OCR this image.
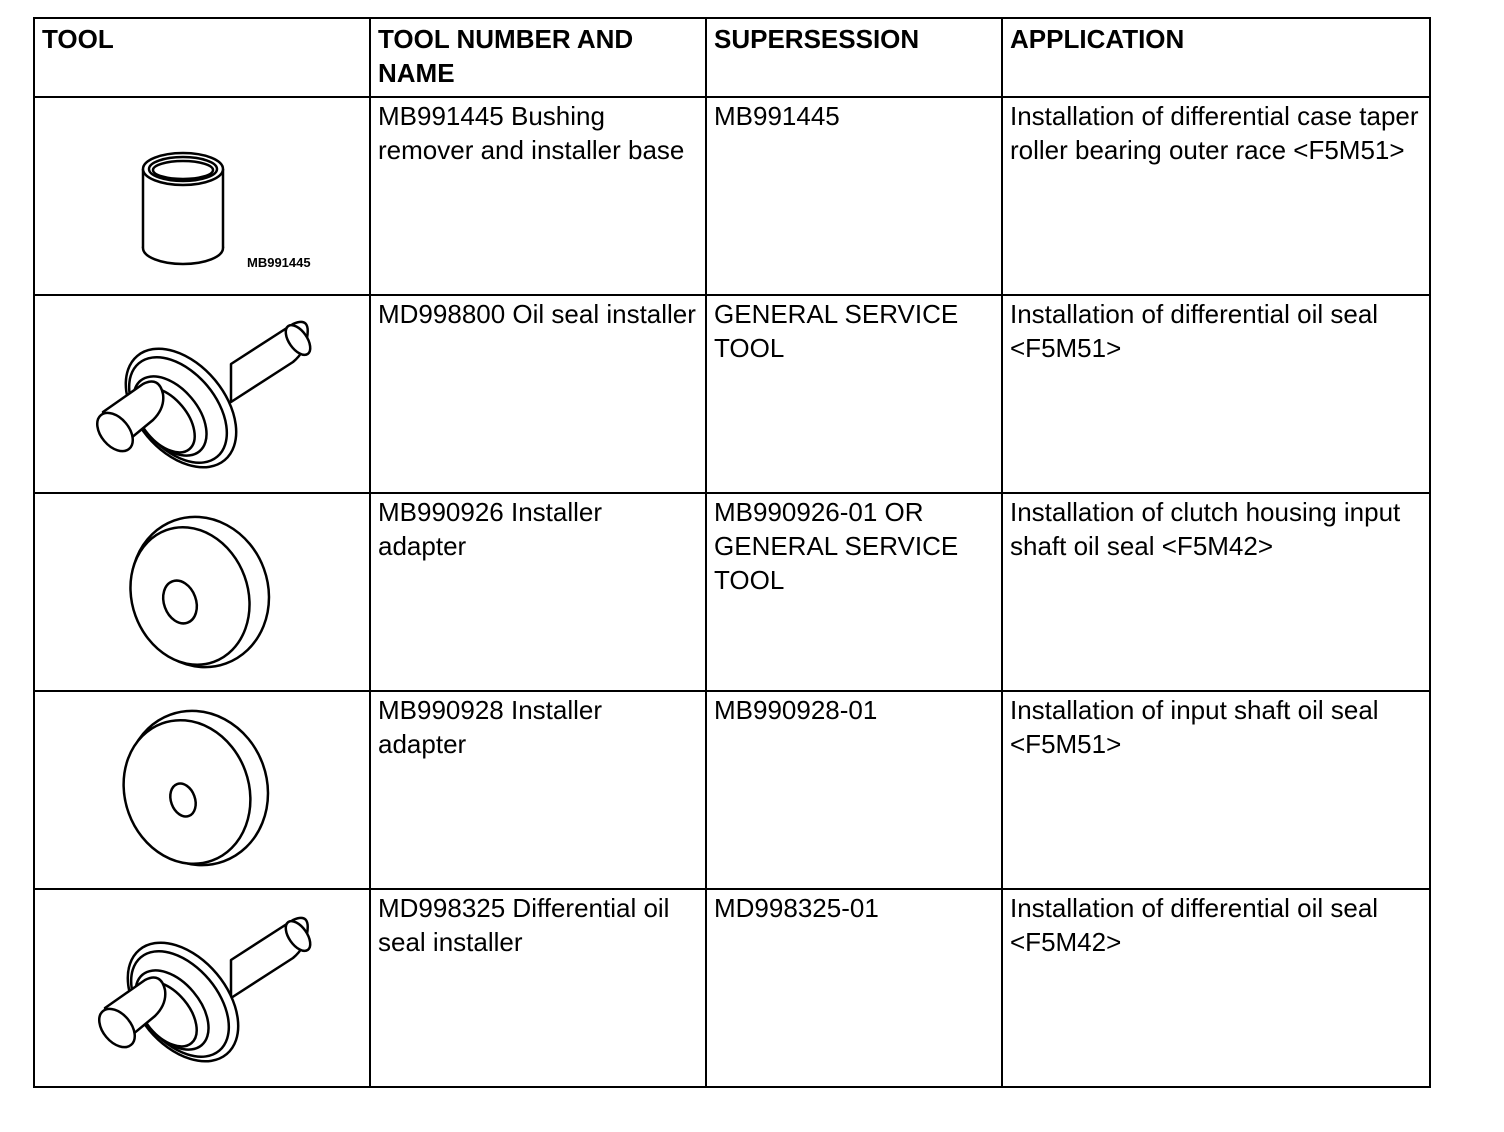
TOOL	TOOL NUMBER AND NAME	SUPERSESSION	APPLICATION

MB991445	MB991445 Bushing remover and installer base	MB991445	Installation of differential case taper roller bearing outer race <F5M51>

	MD998800 Oil seal installer	GENERAL SERVICE TOOL	Installation of differential oil seal <F5M51>

	MB990926 Installer adapter	MB990926-01 OR GENERAL SERVICE TOOL	Installation of clutch housing input shaft oil seal <F5M42>

	MB990928 Installer adapter	MB990928-01	Installation of input shaft oil seal <F5M51>

	MD998325 Differential oil seal installer	MD998325-01	Installation of differential oil seal <F5M42>
